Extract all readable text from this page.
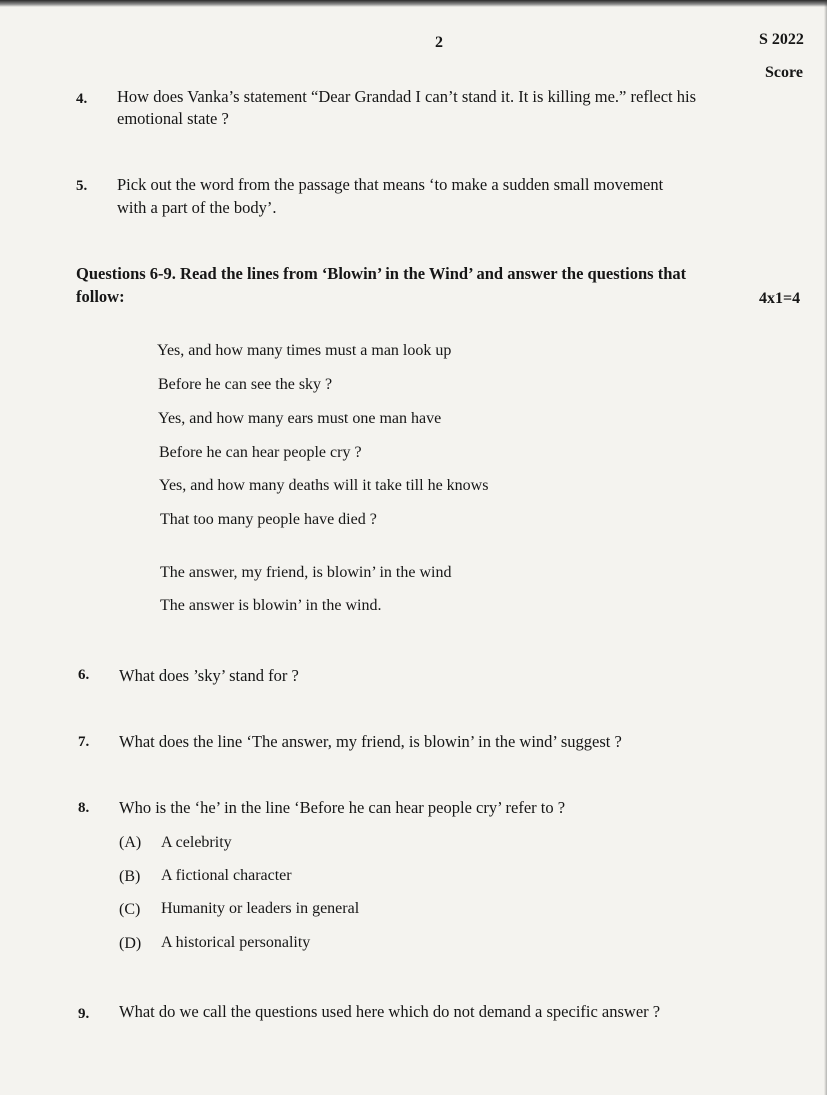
2	S 2022
Score
4. How does Vanka’s statement “Dear Grandad I can’t stand it. It is killing me.” reflect his
emotional state ?
5. Pick out the word from the passage that means ‘to make a sudden small movement
with a part of the body’.
Questions 6-9. Read the lines from ‘Blowin’ in the Wind’ and answer the questions that
follow:	4x1=4
Yes, and how many times must a man look up
Before he can see the sky ?
Yes, and how many ears must one man have
Before he can hear people cry ?
Yes, and how many deaths will it take till he knows
That too many people have died ?
The answer, my friend, is blowin’ in the wind
The answer is blowin’ in the wind.
6. What does ’sky’ stand for ?
7. What does the line ‘The answer, my friend, is blowin’ in the wind’ suggest ?
8. Who is the ‘he’ in the line ‘Before he can hear people cry’ refer to ?
(A) A celebrity
(B) A fictional character
(C) Humanity or leaders in general
(D) A historical personality
9. What do we call the questions used here which do not demand a specific answer ?
